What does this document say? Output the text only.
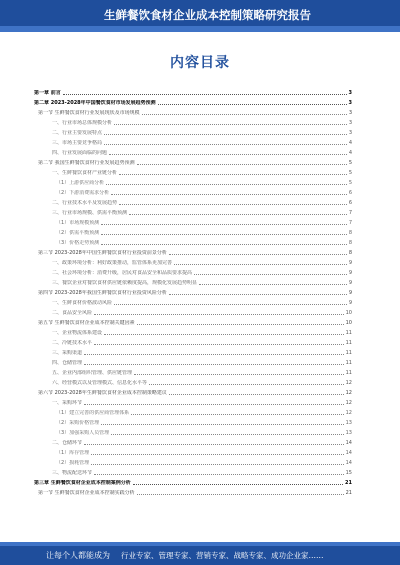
生鲜餐饮食材企业成本控制策略研究报告
内容目录
第一章 前言	3
第二章 2023-2028年中国餐饮食材市场发展趋势预测	3
第一节 生鲜餐饮食材行业发展现状及市场规模	3
一、行业市场总体规模分析	3
二、行业主要发展特点	3
三、市场主要竞争格局	4
四、行业发展面临的问题	4
第二节 我国生鲜餐饮食材行业发展趋势预测	5
一、生鲜餐饮食材产业链分析	5
（1）上游供应商分析	5
（2）下游消费需求分析	6
二、行业技术水平及发展趋势	6
三、行业市场规模、供需平衡预测	7
（1）市场规模预测	7
（2）供需平衡预测	8
（3）价格走势预测	8
第三节 2023-2028年中国生鲜餐饮食材行业投资前景分析	8
一、政策环境分析：利好政策推动，监管体系更加完善	9
二、社会环境分析：消费升级，居民对食品安全和品质要求提高	9
三、餐饮企业对餐饮食材供应链依赖度提高，规模化发展趋势明显	9
第四节 2023-2028年我国生鲜餐饮食材行业投资风险分析	9
一、生鲜食材价格波动风险	9
二、食品安全风险	10
第五节 生鲜餐饮食材企业成本控制关键因素	10
一、企业物流体系建设	11
二、冷链技术水平	11
三、采购渠道	11
四、仓储管理	11
五、企业内部组织管理、供应链管理	11
六、经营模式以及管理模式、信息化水平等	12
第六节 2023-2028年生鲜餐饮食材企业成本控制策略建议	12
一、采购环节	12
（1）建立完善的供应商管理体系	12
（2）采购价格管理	13
（3）加强采购人员管理	13
二、仓储环节	14
（1）库存管理	14
（2）损耗管理	14
三、物流配送环节	15
第三章 生鲜餐饮食材企业成本控制案例分析	21
第一节 生鲜餐饮食材企业成本控制实践分析	21
让每个人都能成为 行业专家、管理专家、营销专家、战略专家、成功企业家……
